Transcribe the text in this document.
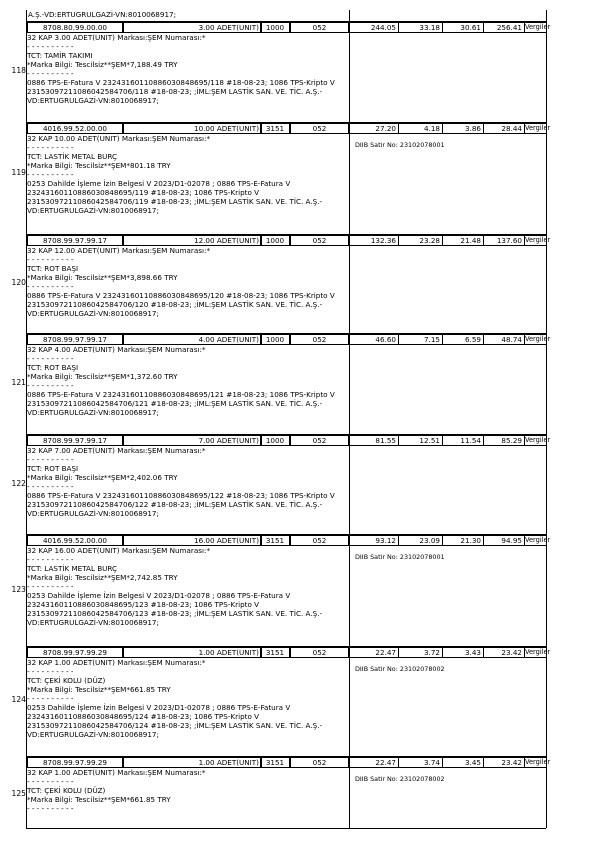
A.Ş.-VD:ERTUGRULGAZİ-VN:8010068917;
118
8708.80.99.00.00	3.00 ADET(UNIT) 1000	052	244.05	33.18	30.61	256.41 Vergiler
32 KAP 3.00 ADET(UNIT) Markası:ŞEM Numarası:*
- - - - - - - - - -
TCT: TAMİR TAKIMI
*Marka Bilgi: Tescilsiz**ŞEM*7,188.49 TRY
- - - - - - - - - -
0886 TPS-E-Fatura V 23243160110886030848695/118 #18-08-23; 1086 TPS-Kripto V 23153097211086042584706/118 #18-08-23; ;İML:ŞEM LASTİK SAN. VE. TİC. A.Ş.-VD:ERTUGRULGAZİ-VN:8010068917;
119
4016.99.52.00.00	10.00 ADET(UNIT) 3151	052	27.20	4.18	3.86	28.44 Vergiler
32 KAP 10.00 ADET(UNIT) Markası:ŞEM Numarası:*
- - - - - - - - - -
TCT: LASTİK METAL BURÇ
*Marka Bilgi: Tescilsiz**ŞEM*801.18 TRY
- - - - - - - - - -
0253 Dahilde İşleme İzin Belgesi V 2023/D1-02078 ; 0886 TPS-E-Fatura V 23243160110886030848695/119 #18-08-23; 1086 TPS-Kripto V 23153097211086042584706/119 #18-08-23; ;İML:ŞEM LASTİK SAN. VE. TİC. A.Ş.-VD:ERTUGRULGAZİ-VN:8010068917;
DIIB Satir No: 23102078001
120
8708.99.97.99.17	12.00 ADET(UNIT) 1000	052	132.36	23.28	21.48	137.60 Vergiler
32 KAP 12.00 ADET(UNIT) Markası:ŞEM Numarası:*
- - - - - - - - - -
TCT: ROT BAŞI
*Marka Bilgi: Tescilsiz**ŞEM*3,898.66 TRY
- - - - - - - - - -
0886 TPS-E-Fatura V 23243160110886030848695/120 #18-08-23; 1086 TPS-Kripto V 23153097211086042584706/120 #18-08-23; ;İML:ŞEM LASTİK SAN. VE. TİC. A.Ş.-VD:ERTUGRULGAZİ-VN:8010068917;
121
8708.99.97.99.17	4.00 ADET(UNIT) 1000	052	46.60	7.15	6.59	48.74 Vergiler
32 KAP 4.00 ADET(UNIT) Markası:ŞEM Numarası:*
- - - - - - - - - -
TCT: ROT BAŞI
*Marka Bilgi: Tescilsiz**ŞEM*1,372.60 TRY
- - - - - - - - - -
0886 TPS-E-Fatura V 23243160110886030848695/121 #18-08-23; 1086 TPS-Kripto V 23153097211086042584706/121 #18-08-23; ;İML:ŞEM LASTİK SAN. VE. TİC. A.Ş.-VD:ERTUGRULGAZİ-VN:8010068917;
122
8708.99.97.99.17	7.00 ADET(UNIT) 1000	052	81.55	12.51	11.54	85.29 Vergiler
32 KAP 7.00 ADET(UNIT) Markası:ŞEM Numarası:*
- - - - - - - - - -
TCT: ROT BAŞI
*Marka Bilgi: Tescilsiz**ŞEM*2,402.06 TRY
- - - - - - - - - -
0886 TPS-E-Fatura V 23243160110886030848695/122 #18-08-23; 1086 TPS-Kripto V 23153097211086042584706/122 #18-08-23; ;İML:ŞEM LASTİK SAN. VE. TİC. A.Ş.-VD:ERTUGRULGAZİ-VN:8010068917;
123
4016.99.52.00.00	16.00 ADET(UNIT) 3151	052	93.12	23.09	21.30	94.95 Vergiler
32 KAP 16.00 ADET(UNIT) Markası:ŞEM Numarası:*
- - - - - - - - - -
TCT: LASTİK METAL BURÇ
*Marka Bilgi: Tescilsiz**ŞEM*2,742.85 TRY
- - - - - - - - - -
0253 Dahilde İşleme İzin Belgesi V 2023/D1-02078 ; 0886 TPS-E-Fatura V 23243160110886030848695/123 #18-08-23; 1086 TPS-Kripto V 23153097211086042584706/123 #18-08-23; ;İML:ŞEM LASTİK SAN. VE. TİC. A.Ş.-VD:ERTUGRULGAZİ-VN:8010068917;
DIIB Satir No: 23102078001
124
8708.99.97.99.29	1.00 ADET(UNIT) 3151	052	22.47	3.72	3.43	23.42 Vergiler
32 KAP 1.00 ADET(UNIT) Markası:ŞEM Numarası:*
- - - - - - - - - -
TCT: ÇEKİ KOLU (DÜZ)
*Marka Bilgi: Tescilsiz**ŞEM*661.85 TRY
- - - - - - - - - -
0253 Dahilde İşleme İzin Belgesi V 2023/D1-02078 ; 0886 TPS-E-Fatura V 23243160110886030848695/124 #18-08-23; 1086 TPS-Kripto V 23153097211086042584706/124 #18-08-23; ;İML:ŞEM LASTİK SAN. VE. TİC. A.Ş.-VD:ERTUGRULGAZİ-VN:8010068917;
DIIB Satir No: 23102078002
125
8708.99.97.99.29	1.00 ADET(UNIT) 3151	052	22.47	3.74	3.45	23.42 Vergiler
32 KAP 1.00 ADET(UNIT) Markası:ŞEM Numarası:*
- - - - - - - - - -
TCT: ÇEKİ KOLU (DÜZ)
*Marka Bilgi: Tescilsiz**ŞEM*661.85 TRY
- - - - - - - - - -
DIIB Satir No: 23102078002
